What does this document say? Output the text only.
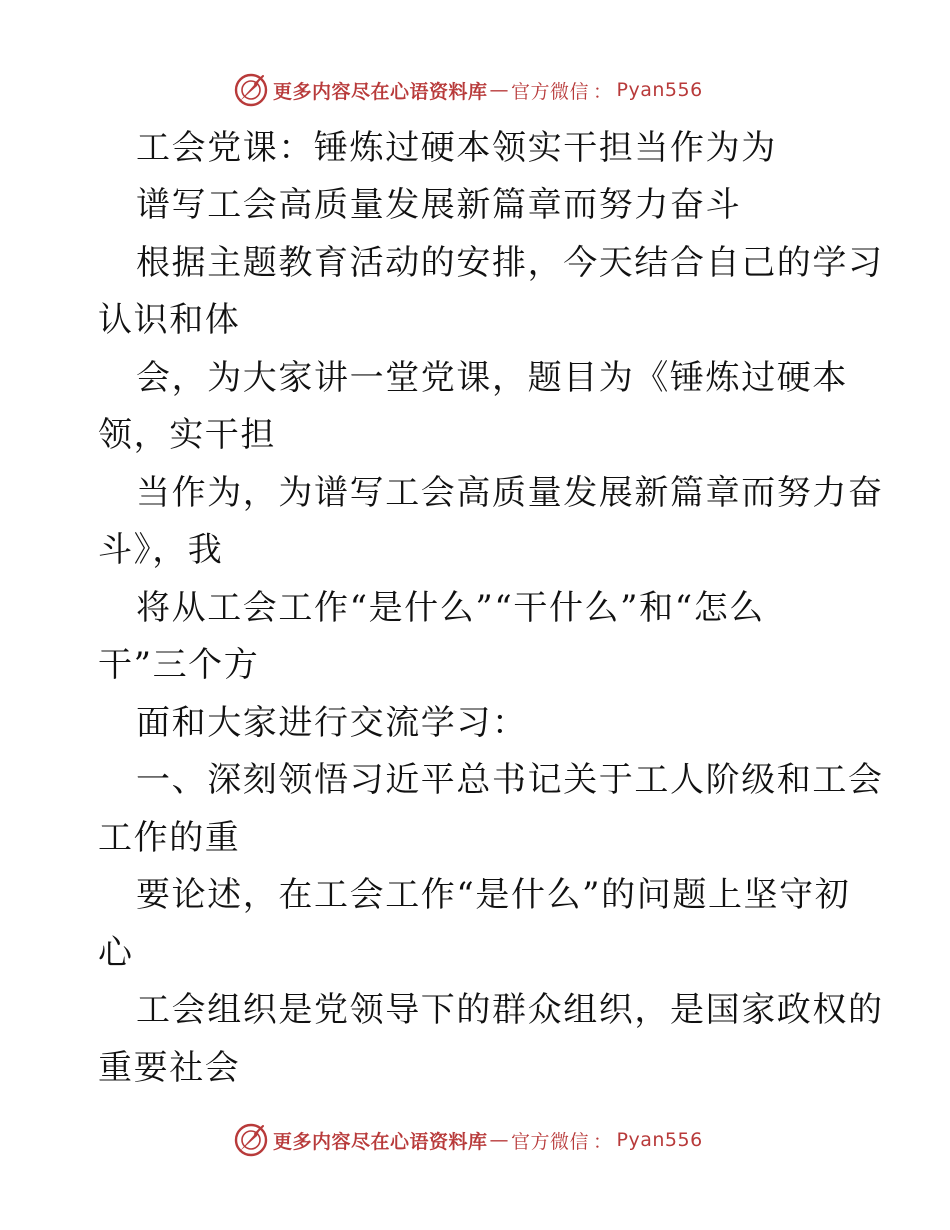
更多内容尽在心语资料库 — 官方微信 ： Pyan556
工会党课：锤炼过硬本领实干担当作为为
谱写工会高质量发展新篇章而努力奋斗
根据主题教育活动的安排，今天结合自己的学习
认识和体
会，为大家讲一堂党课，题目为《锤炼过硬本
领，实干担
当作为，为谱写工会高质量发展新篇章而努力奋
斗》，我
将从工会工作“是什么”“干什么”和“怎么
干”三个方
面和大家进行交流学习：
一、深刻领悟习近平总书记关于工人阶级和工会
工作的重
要论述，在工会工作“是什么”的问题上坚守初
心
工会组织是党领导下的群众组织，是国家政权的
重要社会
更多内容尽在心语资料库 — 官方微信 ： Pyan556
